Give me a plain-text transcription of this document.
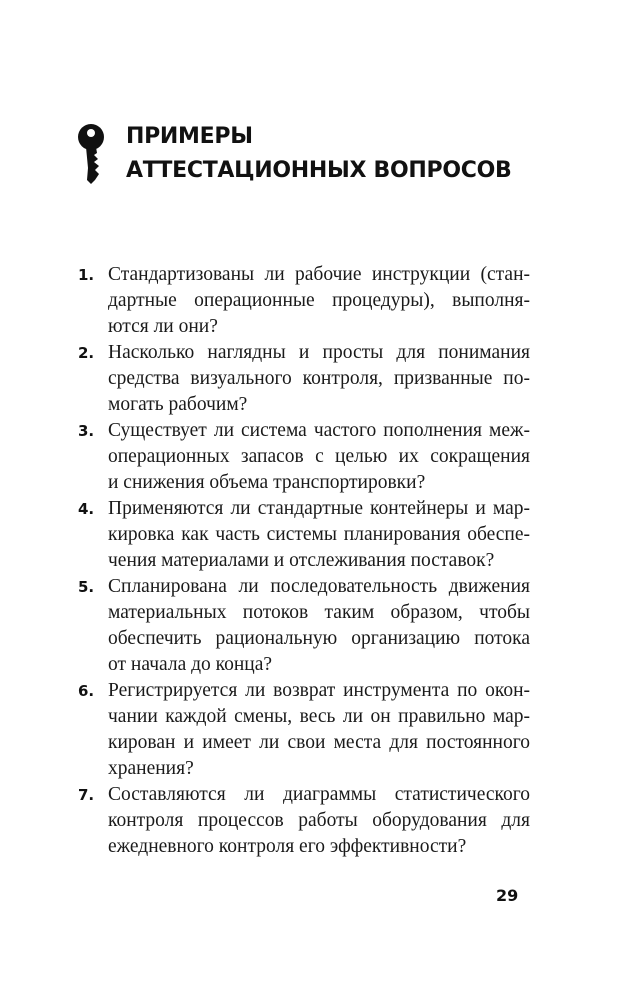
ПРИМЕРЫ
АТТЕСТАЦИОННЫХ ВОПРОСОВ
1. Стандартизованы ли рабочие инструкции (стан-
дартные операционные процедуры), выполня-
ются ли они?
2. Насколько наглядны и просты для понимания
средства визуального контроля, призванные по-
могать рабочим?
3. Существует ли система частого пополнения меж-
операционных запасов с целью их сокращения
и снижения объема транспортировки?
4. Применяются ли стандартные контейнеры и мар-
кировка как часть системы планирования обеспе-
чения материалами и отслеживания поставок?
5. Спланирована ли последовательность движения
материальных потоков таким образом, чтобы
обеспечить рациональную организацию потока
от начала до конца?
6. Регистрируется ли возврат инструмента по окон-
чании каждой смены, весь ли он правильно мар-
кирован и имеет ли свои места для постоянного
хранения?
7. Составляются ли диаграммы статистического
контроля процессов работы оборудования для
ежедневного контроля его эффективности?
29
